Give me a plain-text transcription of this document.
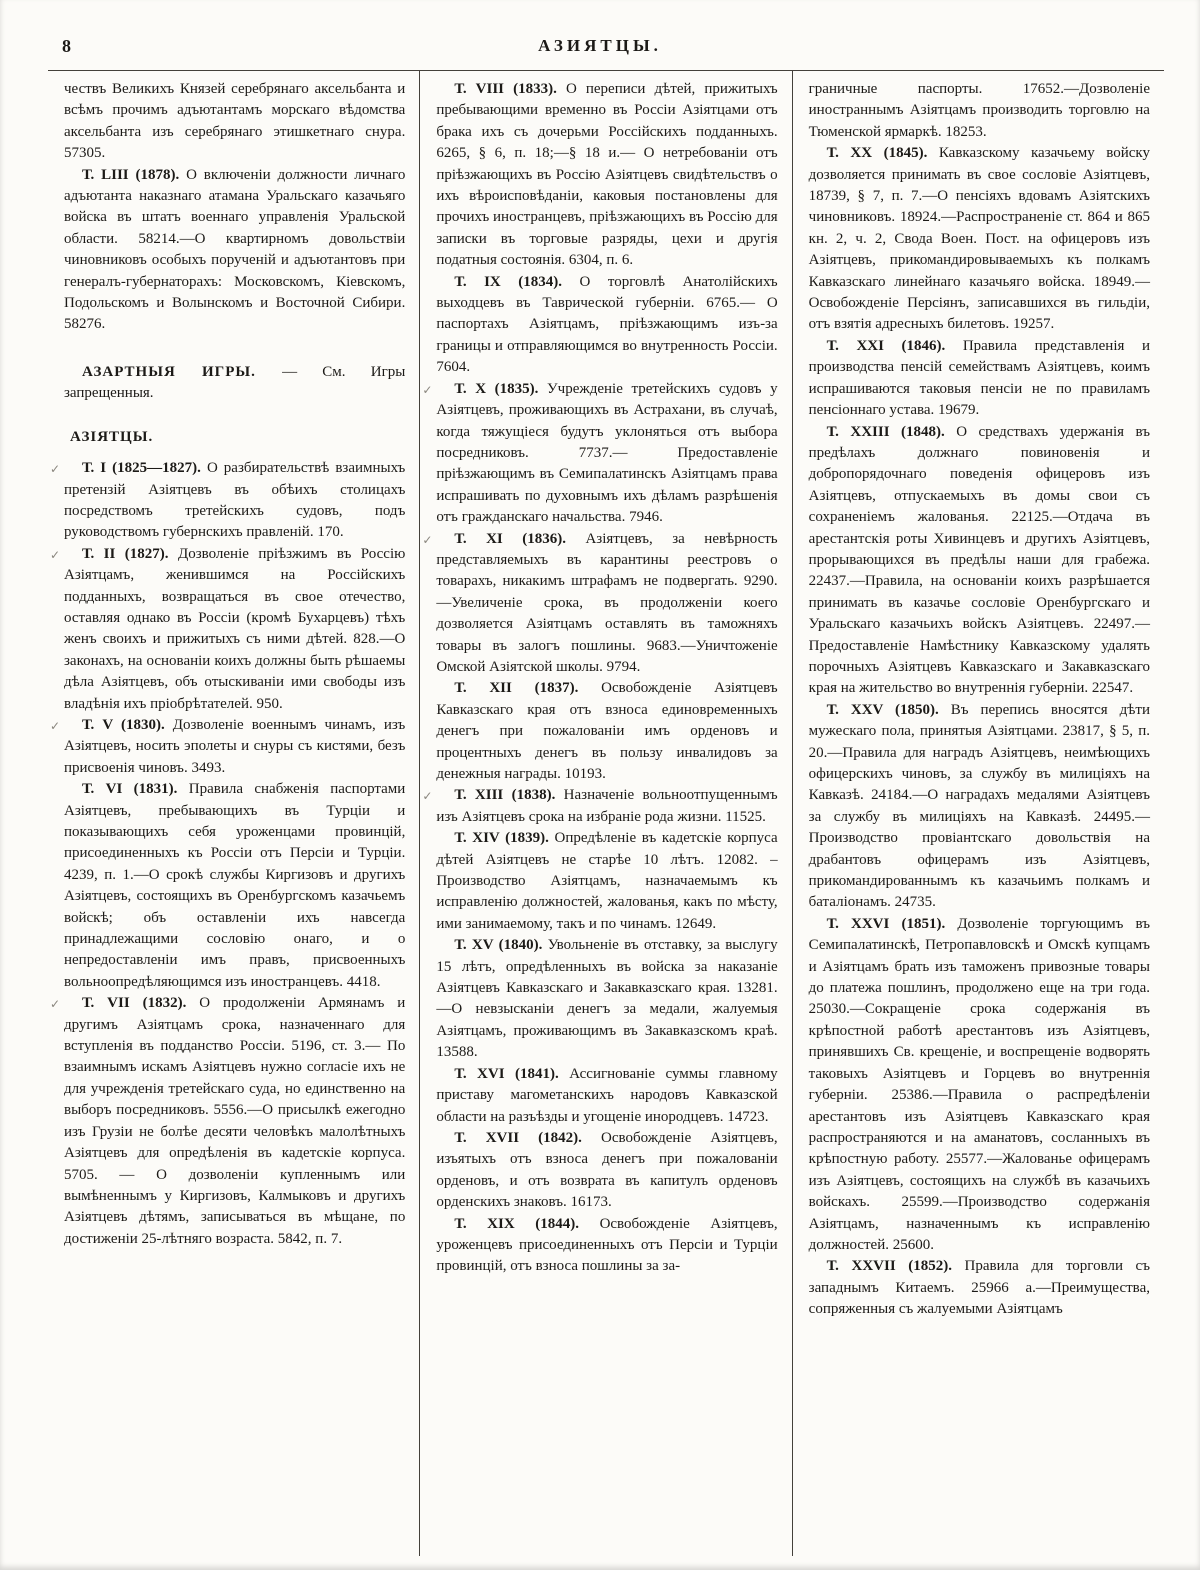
8	АЗИЯТЦЫ.

чествъ Великихъ Князей серебрянаго аксельбанта и всѣмъ прочимъ адъютантамъ морскаго вѣдомства аксельбанта изъ серебрянаго этишкетнаго снура. 57305.

Т. LIII (1878). О включеніи должности личнаго адъютанта наказнаго атамана Уральскаго казачьяго войска въ штатъ военнаго управленія Уральской области. 58214.—О квартирномъ довольствіи чиновниковъ особыхъ порученій и адъютантовъ при генералъ-губернаторахъ: Московскомъ, Кіевскомъ, Подольскомъ и Волынскомъ и Восточной Сибири. 58276.

АЗАРТНЫЯ ИГРЫ. — См. Игры запрещенныя.

АЗІЯТЦЫ.

✓ Т. I (1825—1827). О разбирательствѣ взаимныхъ претензій Азіятцевъ въ обѣихъ столицахъ посредствомъ третейскихъ судовъ, подъ руководствомъ губернскихъ правленій. 170.

✓ Т. II (1827). Дозволеніе пріѣзжимъ въ Россію Азіятцамъ, женившимся на Россійскихъ подданныхъ, возвращаться въ свое отечество, оставляя однако въ Россіи (кромѣ Бухарцевъ) тѣхъ женъ своихъ и прижитыхъ съ ними дѣтей. 828.—О законахъ, на основаніи коихъ должны быть рѣшаемы дѣла Азіятцевъ, объ отыскиваніи ими свободы изъ владѣнія ихъ пріобрѣтателей. 950.

✓ Т. V (1830). Дозволеніе военнымъ чинамъ, изъ Азіятцевъ, носить эполеты и снуры съ кистями, безъ присвоенія чиновъ. 3493.

Т. VI (1831). Правила снабженія паспортами Азіятцевъ, пребывающихъ въ Турціи и показывающихъ себя уроженцами провинцій, присоединенныхъ къ Россіи отъ Персіи и Турціи. 4239, п. 1.—О срокѣ службы Киргизовъ и другихъ Азіятцевъ, состоящихъ въ Оренбургскомъ казачьемъ войскѣ; объ оставленіи ихъ навсегда принадлежащими сословію онаго, и о непредоставленіи имъ правъ, присвоенныхъ вольноопредѣляющимся изъ иностранцевъ. 4418.

✓ Т. VII (1832). О продолженіи Армянамъ и другимъ Азіятцамъ срока, назначеннаго для вступленія въ подданство Россіи. 5196, ст. 3.— По взаимнымъ искамъ Азіятцевъ нужно согласіе ихъ не для учрежденія третейскаго суда, но единственно на выборъ посредниковъ. 5556.—О присылкѣ ежегодно изъ Грузіи не болѣе десяти человѣкъ малолѣтныхъ Азіятцевъ для опредѣленія въ кадетскіе корпуса. 5705. — О дозволеніи купленнымъ или вымѣненнымъ у Киргизовъ, Калмыковъ и другихъ Азіятцевъ дѣтямъ, записываться въ мѣщане, по достиженіи 25-лѣтняго возраста. 5842, п. 7.

Т. VIII (1833). О переписи дѣтей, прижитыхъ пребывающими временно въ Россіи Азіятцами отъ брака ихъ съ дочерьми Россійскихъ подданныхъ. 6265, § 6, п. 18;—§ 18 и.— О нетребованіи отъ пріѣзжающихъ въ Россію Азіятцевъ свидѣтельствъ о ихъ вѣроисповѣданіи, каковыя постановлены для прочихъ иностранцевъ, пріѣзжающихъ въ Россію для записки въ торговые разряды, цехи и другія податныя состоянія. 6304, п. 6.

Т. IX (1834). О торговлѣ Анатолійскихъ выходцевъ въ Таврической губерніи. 6765.— О паспортахъ Азіятцамъ, пріѣзжающимъ изъ-за границы и отправляющимся во внутренность Россіи. 7604.

✓ Т. X (1835). Учрежденіе третейскихъ судовъ у Азіятцевъ, проживающихъ въ Астрахани, въ случаѣ, когда тяжущіеся будутъ уклоняться отъ выбора посредниковъ. 7737.— Предоставленіе пріѣзжающимъ въ Семипалатинскъ Азіятцамъ права испрашивать по духовнымъ ихъ дѣламъ разрѣшенія отъ гражданскаго начальства. 7946.

✓ Т. XI (1836). Азіятцевъ, за невѣрность представляемыхъ въ карантины реестровъ о товарахъ, никакимъ штрафамъ не подвергать. 9290.—Увеличеніе срока, въ продолженіи коего дозволяется Азіятцамъ оставлять въ таможняхъ товары въ залогъ пошлины. 9683.—Уничтоженіе Омской Азіятской школы. 9794.

Т. XII (1837). Освобожденіе Азіятцевъ Кавказскаго края отъ взноса единовременныхъ денегъ при пожалованіи имъ орденовъ и процентныхъ денегъ въ пользу инвалидовъ за денежныя награды. 10193.

✓ Т. XIII (1838). Назначеніе вольноотпущеннымъ изъ Азіятцевъ срока на избраніе рода жизни. 11525.

Т. XIV (1839). Опредѣленіе въ кадетскіе корпуса дѣтей Азіятцевъ не старѣе 10 лѣтъ. 12082. – Производство Азіятцамъ, назначаемымъ къ исправленію должностей, жалованья, какъ по мѣсту, ими занимаемому, такъ и по чинамъ. 12649.

Т. XV (1840). Увольненіе въ отставку, за выслугу 15 лѣтъ, опредѣленныхъ въ войска за наказаніе Азіятцевъ Кавказскаго и Закавказскаго края. 13281.—О невзысканіи денегъ за медали, жалуемыя Азіятцамъ, проживающимъ въ Закавказскомъ краѣ. 13588.

Т. XVI (1841). Ассигнованіе суммы главному приставу магометанскихъ народовъ Кавказской области на разъѣзды и угощеніе инородцевъ. 14723.

Т. XVII (1842). Освобожденіе Азіятцевъ, изъятыхъ отъ взноса денегъ при пожалованіи орденовъ, и отъ возврата въ капитулъ орденовъ орденскихъ знаковъ. 16173.

Т. XIX (1844). Освобожденіе Азіятцевъ, уроженцевъ присоединенныхъ отъ Персіи и Турціи провинцій, отъ взноса пошлины за за-

граничные паспорты. 17652.—Дозволеніе иностраннымъ Азіятцамъ производить торговлю на Тюменской ярмаркѣ. 18253.

Т. XX (1845). Кавказскому казачьему войску дозволяется принимать въ свое сословіе Азіятцевъ, 18739, § 7, п. 7.—О пенсіяхъ вдовамъ Азіятскихъ чиновниковъ. 18924.—Распространеніе ст. 864 и 865 кн. 2, ч. 2, Свода Воен. Пост. на офицеровъ изъ Азіятцевъ, прикомандировываемыхъ къ полкамъ Кавказскаго линейнаго казачьяго войска. 18949.—Освобожденіе Персіянъ, записавшихся въ гильдіи, отъ взятія адресныхъ билетовъ. 19257.

Т. XXI (1846). Правила представленія и производства пенсій семействамъ Азіятцевъ, коимъ испрашиваются таковыя пенсіи не по правиламъ пенсіоннаго устава. 19679.

Т. XXIII (1848). О средствахъ удержанія въ предѣлахъ должнаго повиновенія и добропорядочнаго поведенія офицеровъ изъ Азіятцевъ, отпускаемыхъ въ домы свои съ сохраненіемъ жалованья. 22125.—Отдача въ арестантскія роты Хивинцевъ и другихъ Азіятцевъ, прорывающихся въ предѣлы наши для грабежа. 22437.—Правила, на основаніи коихъ разрѣшается принимать въ казачье сословіе Оренбургскаго и Уральскаго казачьихъ войскъ Азіятцевъ. 22497.—Предоставленіе Намѣстнику Кавказскому удалять порочныхъ Азіятцевъ Кавказскаго и Закавказскаго края на жительство во внутреннія губерніи. 22547.

Т. XXV (1850). Въ перепись вносятся дѣти мужескаго пола, принятыя Азіятцами. 23817, § 5, п. 20.—Правила для наградъ Азіятцевъ, неимѣющихъ офицерскихъ чиновъ, за службу въ милиціяхъ на Кавказѣ. 24184.—О наградахъ медалями Азіятцевъ за службу въ милиціяхъ на Кавказѣ. 24495.—Производство провіантскаго довольствія на драбантовъ офицерамъ изъ Азіятцевъ, прикомандированнымъ къ казачьимъ полкамъ и баталіонамъ. 24735.

Т. XXVI (1851). Дозволеніе торгующимъ въ Семипалатинскѣ, Петропавловскѣ и Омскѣ купцамъ и Азіятцамъ брать изъ таможенъ привозные товары до платежа пошлинъ, продолжено еще на три года. 25030.—Сокращеніе срока содержанія въ крѣпостной работѣ арестантовъ изъ Азіятцевъ, принявшихъ Св. крещеніе, и воспрещеніе водворять таковыхъ Азіятцевъ и Горцевъ во внутреннія губерніи. 25386.—Правила о распредѣленіи арестантовъ изъ Азіятцевъ Кавказскаго края распространяются и на аманатовъ, сосланныхъ въ крѣпостную работу. 25577.—Жалованье офицерамъ изъ Азіятцевъ, состоящихъ на службѣ въ казачьихъ войскахъ. 25599.—Производство содержанія Азіятцамъ, назначеннымъ къ исправленію должностей. 25600.

Т. XXVII (1852). Правила для торговли съ западнымъ Китаемъ. 25966 а.—Преимущества, сопряженныя съ жалуемыми Азіятцамъ
